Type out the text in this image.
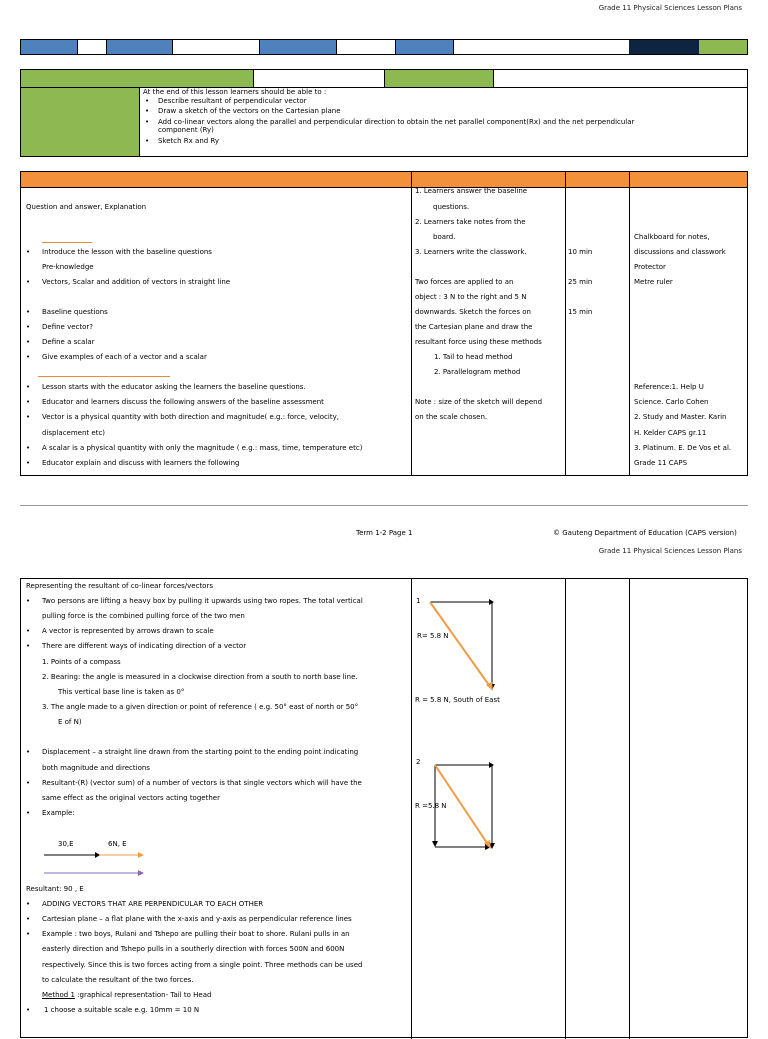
Grade 11 Physical Sciences Lesson Plans
At the end of this lesson learners should be able to :
• Describe resultant of perpendicular vector
• Draw a sketch of the vectors on the Cartesian plane
• Add co-linear vectors along the parallel and perpendicular direction to obtain the net parallel component(Rx) and the net perpendicular
component (Ry)
• Sketch Rx and Ry
Question and answer, Explanation
• Introduce the lesson with the baseline questions
Pre-knowledge
• Vectors, Scalar and addition of vectors in straight line
• Baseline questions
• Define vector?
• Define a scalar
• Give examples of each of a vector and a scalar
• Lesson starts with the educator asking the learners the baseline questions.
• Educator and learners discuss the following answers of the baseline assessment
• Vector is a physical quantity with both direction and magnitude( e.g.: force, velocity,
displacement etc)
• A scalar is a physical quantity with only the magnitude ( e.g.: mass, time, temperature etc)
• Educator explain and discuss with learners the following
1. Learners answer the baseline
questions.
2. Learners take notes from the
board.
3. Learners write the classwork.
Two forces are applied to an
object : 3 N to the right and 5 N
downwards. Sketch the forces on
the Cartesian plane and draw the
resultant force using these methods
1. Tail to head method
2. Parallelogram method
Note : size of the sketch will depend
on the scale chosen.
10 min
25 min
15 min
Chalkboard for notes,
discussions and classwork
Protector
Metre ruler
Reference:1. Help U
Science. Carlo Cohen
2. Study and Master. Karin
H. Kelder CAPS gr.11
3. Platinum. E. De Vos et al.
Grade 11 CAPS
Term 1-2 Page 1	© Gauteng Department of Education (CAPS version)
Grade 11 Physical Sciences Lesson Plans
Representing the resultant of co-linear forces/vectors
• Two persons are lifting a heavy box by pulling it upwards using two ropes. The total vertical
pulling force is the combined pulling force of the two men
• A vector is represented by arrows drawn to scale
• There are different ways of indicating direction of a vector
1. Points of a compass
2. Bearing: the angle is measured in a clockwise direction from a south to north base line.
This vertical base line is taken as 0°
3. The angle made to a given direction or point of reference ( e.g. 50° east of north or 50°
E of N)
• Displacement – a straight line drawn from the starting point to the ending point indicating
both magnitude and directions
• Resultant-(R) (vector sum) of a number of vectors is that single vectors which will have the
same effect as the original vectors acting together
• Example:
30,E	6N, E
Resultant: 90 , E
• ADDING VECTORS THAT ARE PERPENDICULAR TO EACH OTHER
• Cartesian plane – a flat plane with the x-axis and y-axis as perpendicular reference lines
• Example : two boys, Rulani and Tshepo are pulling their boat to shore. Rulani pulls in an
easterly direction and Tshepo pulls in a southerly direction with forces 500N and 600N
respectively. Since this is two forces acting from a single point. Three methods can be used
to calculate the resultant of the two forces.
Method 1 :graphical representation- Tail to Head
• 1 choose a suitable scale e.g. 10mm = 10 N
1
R= 5.8 N
R = 5.8 N, South of East
2
R =5.8 N
